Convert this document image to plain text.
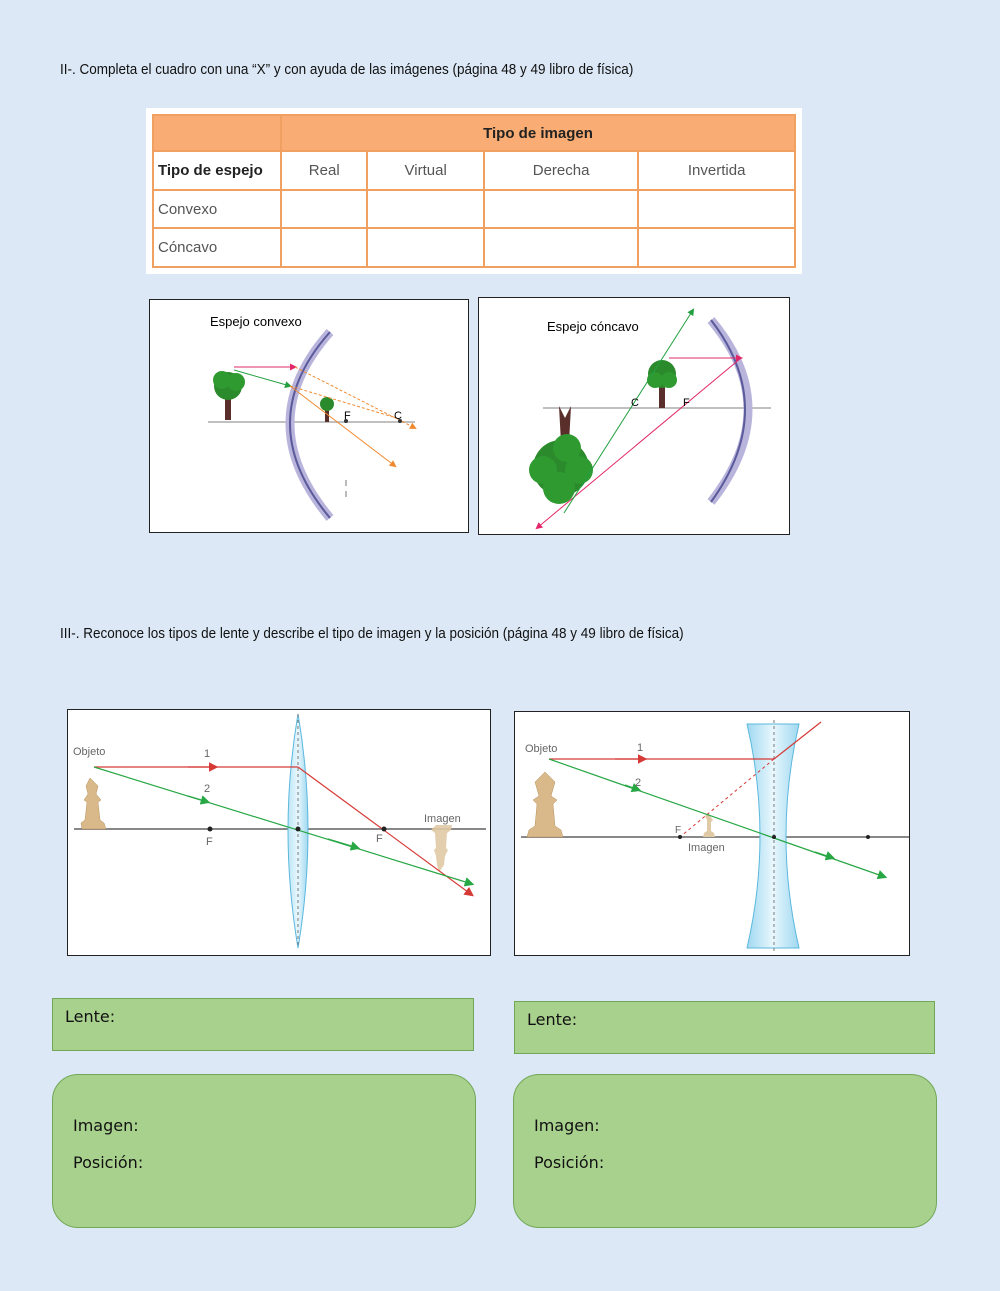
II-. Completa el cuadro con una “X” y con ayuda de las imágenes (página 48 y 49 libro de física)
	Tipo de imagen			
Tipo de espejo	Real	Virtual	Derecha	Invertida
Convexo				
Cóncavo				
Espejo convexo
F	C
Espejo cóncavo
C	F
III-. Reconoce los tipos de lente y describe el tipo de imagen y la posición (página 48 y 49 libro de física)
Objeto	1
2
F	F
Imagen
Objeto	1
2
F
Imagen
Lente:
Imagen:
Posición:
Lente:
Imagen:
Posición:
